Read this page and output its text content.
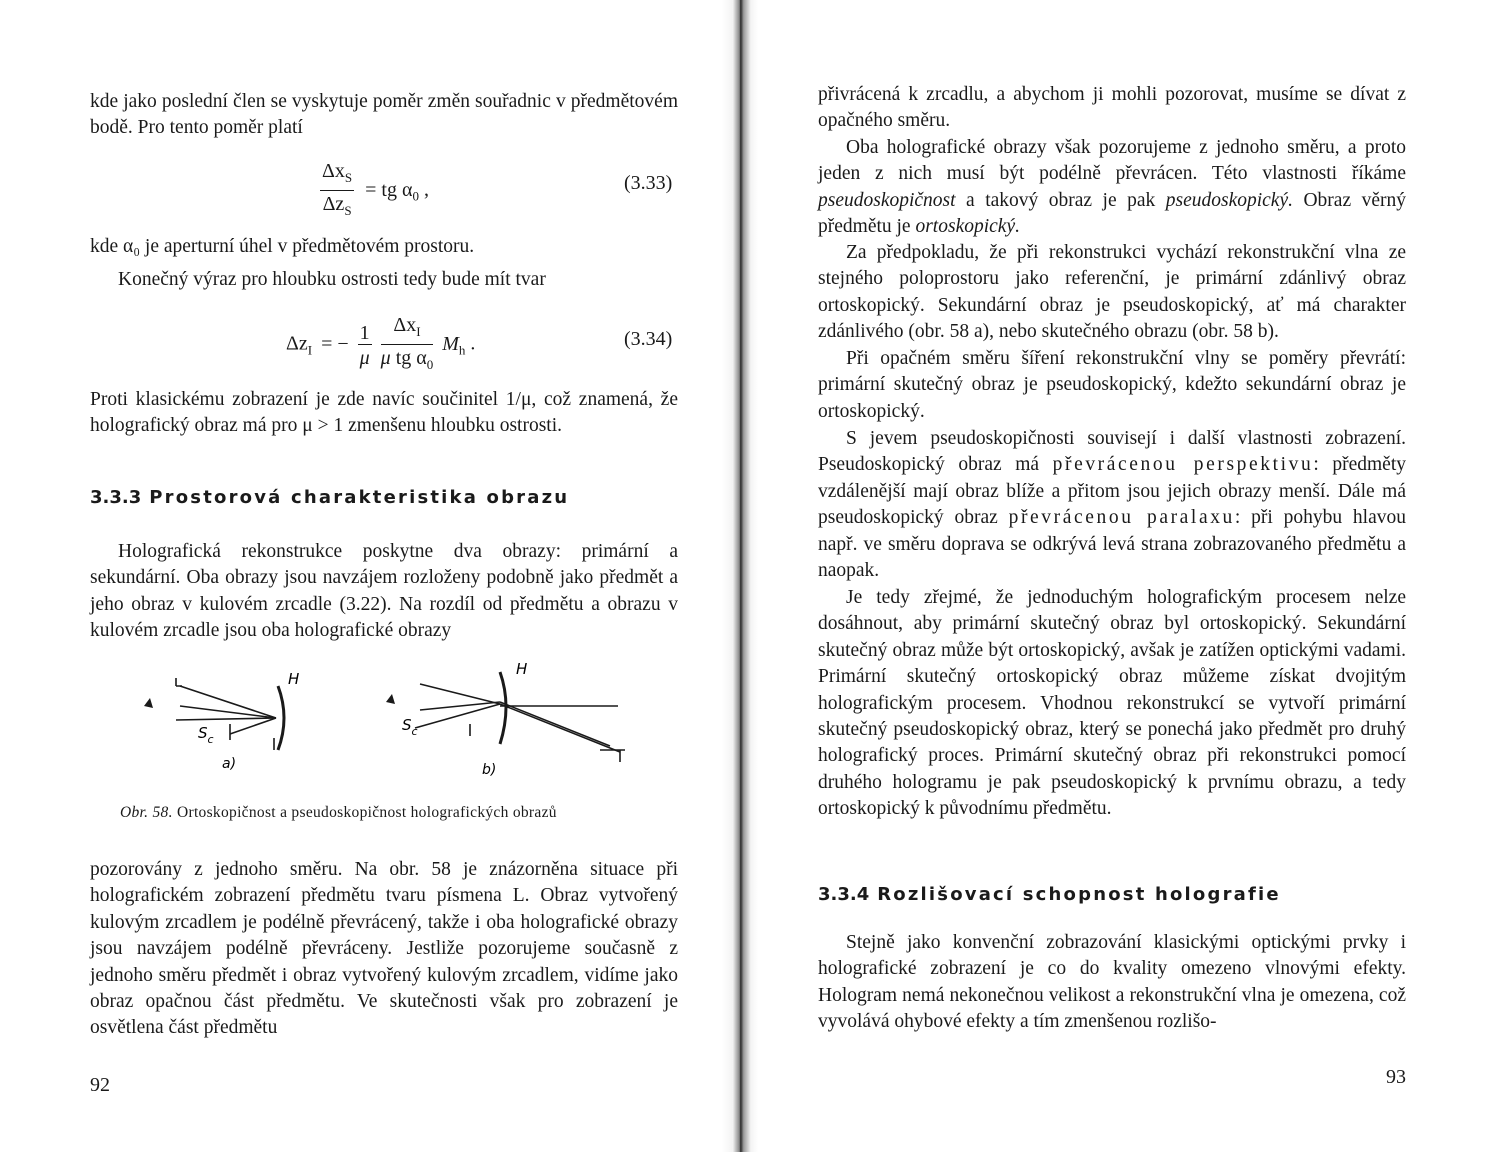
kde jako poslední člen se vyskytuje poměr změn souřadnic v předmětovém bodě. Pro tento poměr platí

$\frac{\Delta x_S}{\Delta z_S}$ = tg $\alpha_0$ ,	(3.33)

kde α₀ je aperturní úhel v předmětovém prostoru.

Konečný výraz pro hloubku ostrosti tedy bude mít tvar

$\Delta z_I$ = − $\frac{1}{\mu}$
$\frac{\Delta x_I}{\mu tg \alpha_0} M_h$ .	(3.34)

Proti klasickému zobrazení je zde navíc součinitel 1/μ, což znamená, že holografický obraz má pro μ > 1 zmenšenu hloubku ostrosti.

3.3.3 Prostorová charakteristika obrazu

Holografická rekonstrukce poskytne dva obrazy: primární a sekundární. Oba obrazy jsou navzájem rozloženy podobně jako předmět a jeho obraz v kulovém zrcadle (3.22). Na rozdíl od předmětu a obrazu v kulovém zrcadle jsou oba holografické obrazy

H
$S_c$
a)
H
$S_c$
b)
Obr. 58. Ortoskopičnost a pseudoskopičnost holografických obrazů

pozorovány z jednoho směru. Na obr. 58 je znázorněna situace při holografickém zobrazení předmětu tvaru písmena L. Obraz vytvořený kulovým zrcadlem je podélně převrácený, takže i oba holografické obrazy jsou navzájem podélně převráceny. Jestliže pozorujeme současně z jednoho směru předmět i obraz vytvořený kulovým zrcadlem, vidíme jako obraz opačnou část předmětu. Ve skutečnosti však pro zobrazení je osvětlena část předmětu

92

přivrácená k zrcadlu, a abychom ji mohli pozorovat, musíme se dívat z opačného směru.

Oba holografické obrazy však pozorujeme z jednoho směru, a proto jeden z nich musí být podélně převrácen. Této vlastnosti říkáme pseudoskopičnost a takový obraz je pak pseudoskopický. Obraz věrný předmětu je ortoskopický.

Za předpokladu, že při rekonstrukci vychází rekonstrukční vlna ze stejného poloprostoru jako referenční, je primární zdánlivý obraz ortoskopický. Sekundární obraz je pseudoskopický, ať má charakter zdánlivého (obr. 58 a), nebo skutečného obrazu (obr. 58 b).

Při opačném směru šíření rekonstrukční vlny se poměry převrátí: primární skutečný obraz je pseudoskopický, kdežto sekundární obraz je ortoskopický.

S jevem pseudoskopičnosti souvisejí i další vlastnosti zobrazení. Pseudoskopický obraz má převrácenou perspektivu: předměty vzdálenější mají obraz blíže a přitom jsou jejich obrazy menší. Dále má pseudoskopický obraz převrácenou paralaxu: při pohybu hlavou např. ve směru doprava se odkrývá levá strana zobrazovaného předmětu a naopak.

Je tedy zřejmé, že jednoduchým holografickým procesem nelze dosáhnout, aby primární skutečný obraz byl ortoskopický. Sekundární skutečný obraz může být ortoskopický, avšak je zatížen optickými vadami. Primární skutečný ortoskopický obraz můžeme získat dvojitým holografickým procesem. Vhodnou rekonstrukcí se vytvoří primární skutečný pseudoskopický obraz, který se ponechá jako předmět pro druhý holografický proces. Primární skutečný obraz při rekonstrukci pomocí druhého hologramu je pak pseudoskopický k prvnímu obrazu, a tedy ortoskopický k původnímu předmětu.

3.3.4 Rozlišovací schopnost holografie

Stejně jako konvenční zobrazování klasickými optickými prvky i holografické zobrazení je co do kvality omezeno vlnovými efekty. Hologram nemá nekonečnou velikost a rekonstrukční vlna je omezena, což vyvolává ohybové efekty a tím zmenšenou rozlišo-

93
